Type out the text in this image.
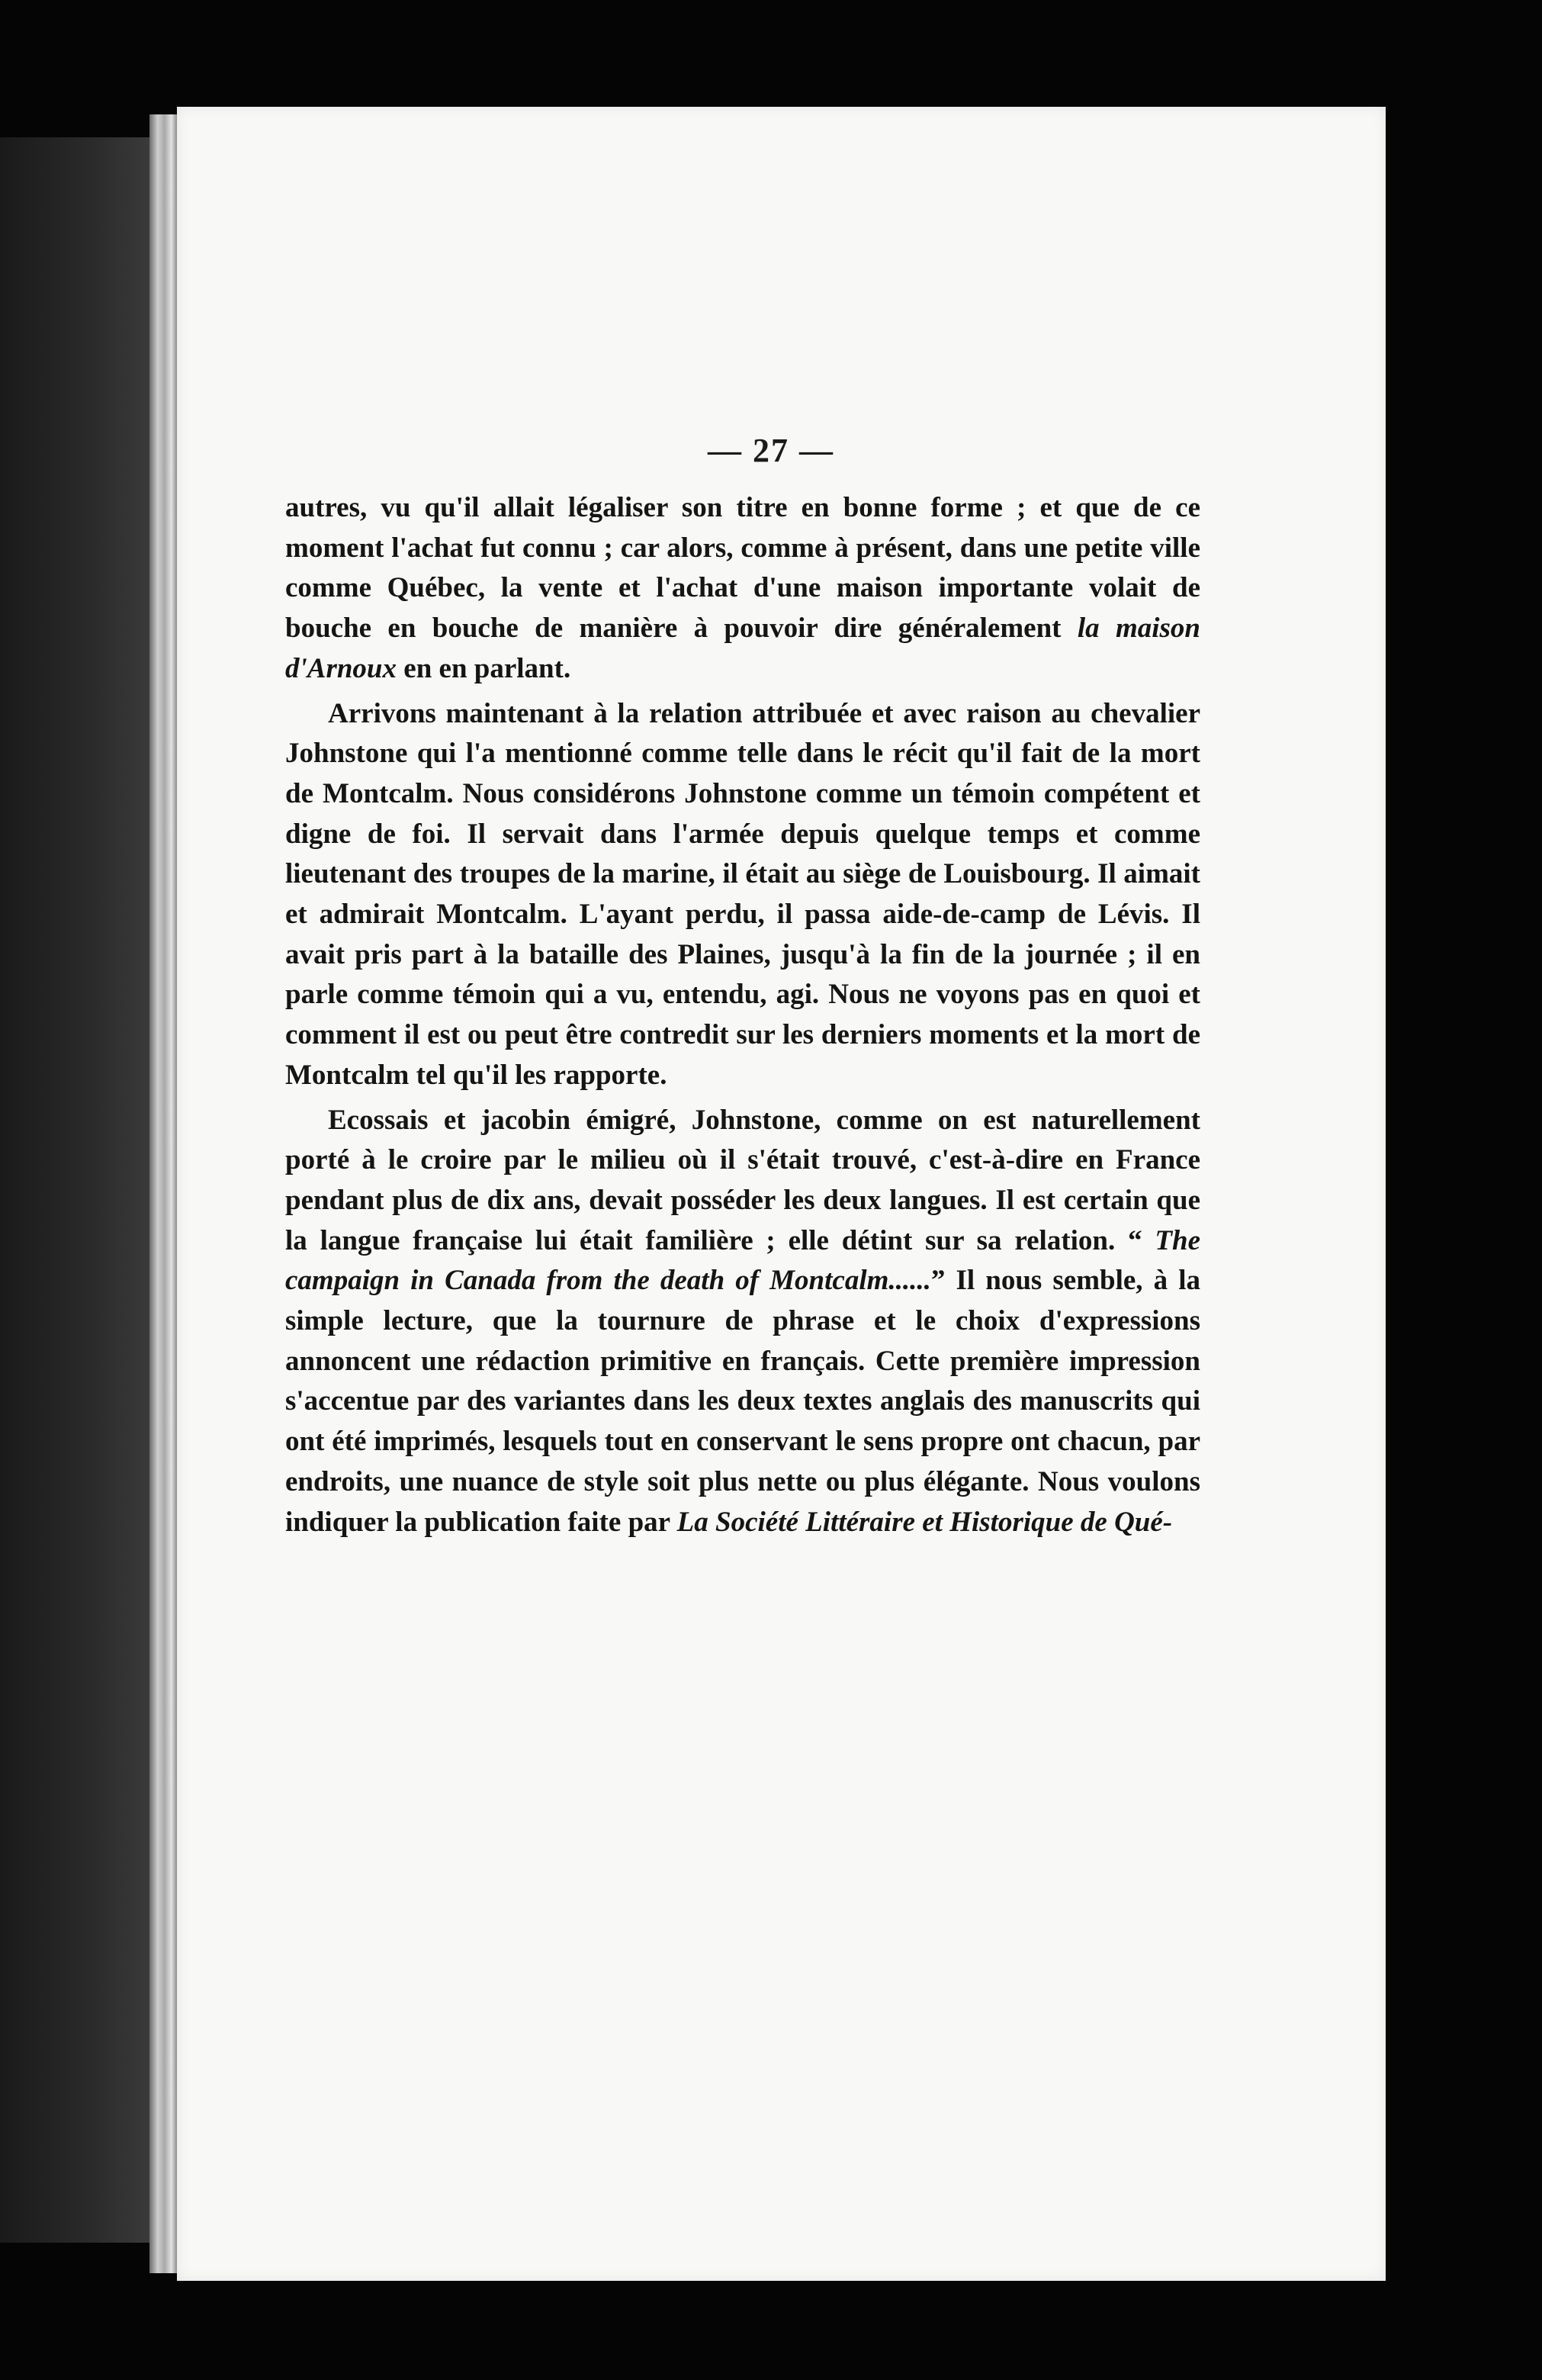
— 27 —

autres, vu qu'il allait légaliser son titre en bonne forme ; et que de ce moment l'achat fut connu ; car alors, comme à présent, dans une petite ville comme Québec, la vente et l'achat d'une maison importante volait de bouche en bouche de manière à pouvoir dire généralement la maison d'Arnoux en en parlant.

Arrivons maintenant à la relation attribuée et avec raison au chevalier Johnstone qui l'a mentionné comme telle dans le récit qu'il fait de la mort de Montcalm. Nous considérons Johnstone comme un témoin compétent et digne de foi. Il servait dans l'armée depuis quelque temps et comme lieutenant des troupes de la marine, il était au siège de Louisbourg. Il aimait et admirait Montcalm. L'ayant perdu, il passa aide-de-camp de Lévis. Il avait pris part à la bataille des Plaines, jusqu'à la fin de la journée ; il en parle comme témoin qui a vu, entendu, agi. Nous ne voyons pas en quoi et comment il est ou peut être contredit sur les derniers moments et la mort de Montcalm tel qu'il les rapporte.

Ecossais et jacobin émigré, Johnstone, comme on est naturellement porté à le croire par le milieu où il s'était trouvé, c'est-à-dire en France pendant plus de dix ans, devait posséder les deux langues. Il est certain que la langue française lui était familière ; elle détint sur sa relation. “ The campaign in Canada from the death of Montcalm......” Il nous semble, à la simple lecture, que la tournure de phrase et le choix d'expressions annoncent une rédaction primitive en français. Cette première impression s'accentue par des variantes dans les deux textes anglais des manuscrits qui ont été imprimés, lesquels tout en conservant le sens propre ont chacun, par endroits, une nuance de style soit plus nette ou plus élégante. Nous voulons indiquer la publication faite par La Société Littéraire et Historique de Qué-
